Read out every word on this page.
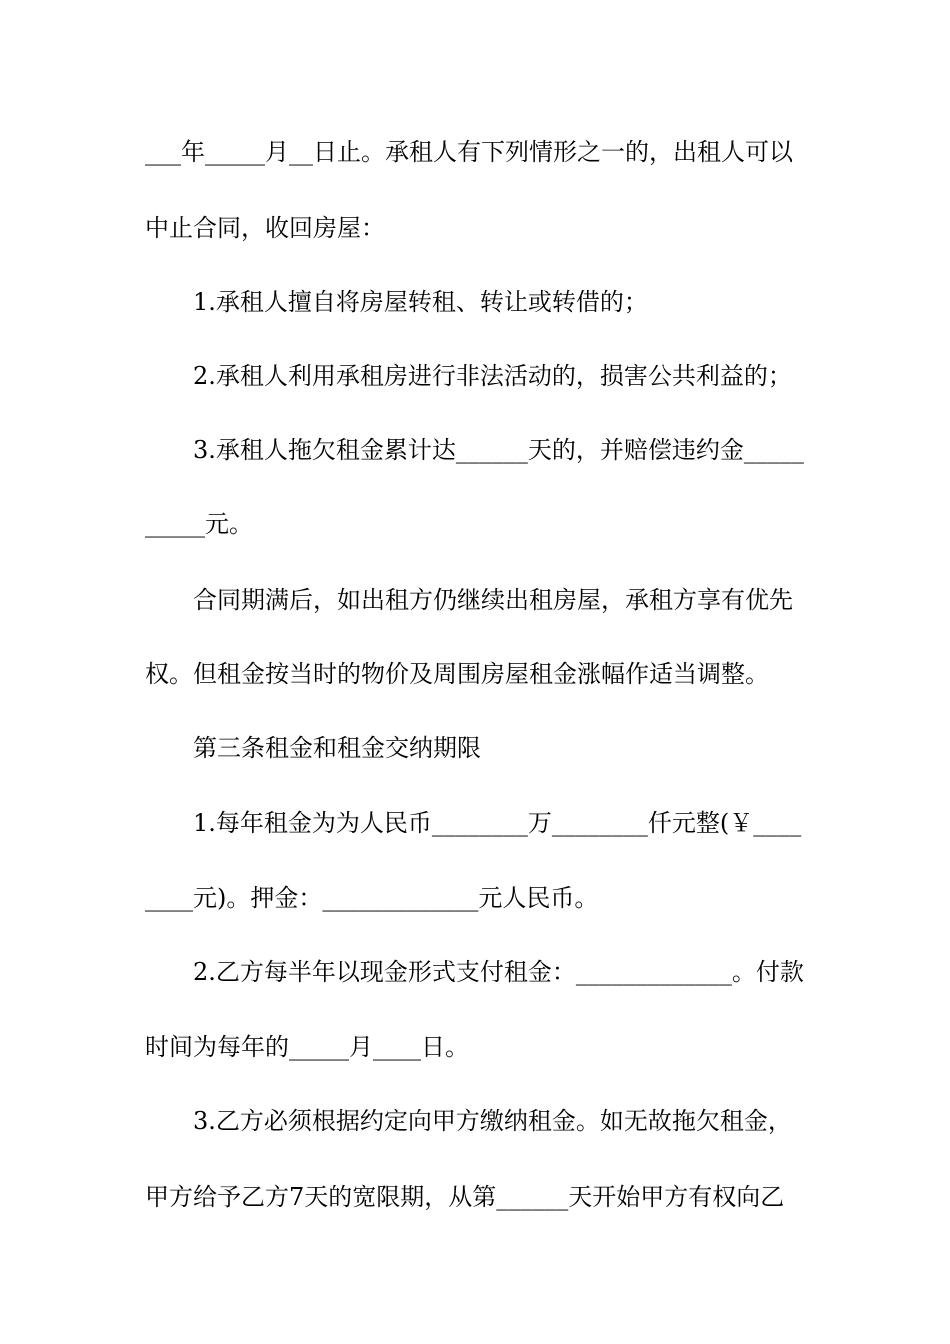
___年_____月__日止。承租人有下列情形之一的，出租人可以
中止合同，收回房屋：
1.承租人擅自将房屋转租、转让或转借的；
2.承租人利用承租房进行非法活动的，损害公共利益的；
3.承租人拖欠租金累计达______天的，并赔偿违约金_____
_____元。
合同期满后，如出租方仍继续出租房屋，承租方享有优先
权。但租金按当时的物价及周围房屋租金涨幅作适当调整。
第三条租金和租金交纳期限
1.每年租金为为人民币________万________仟元整(￥____
____元)。押金：_____________元人民币。
2.乙方每半年以现金形式支付租金：_____________。付款
时间为每年的_____月____日。
3.乙方必须根据约定向甲方缴纳租金。如无故拖欠租金，
甲方给予乙方7天的宽限期，从第______天开始甲方有权向乙
